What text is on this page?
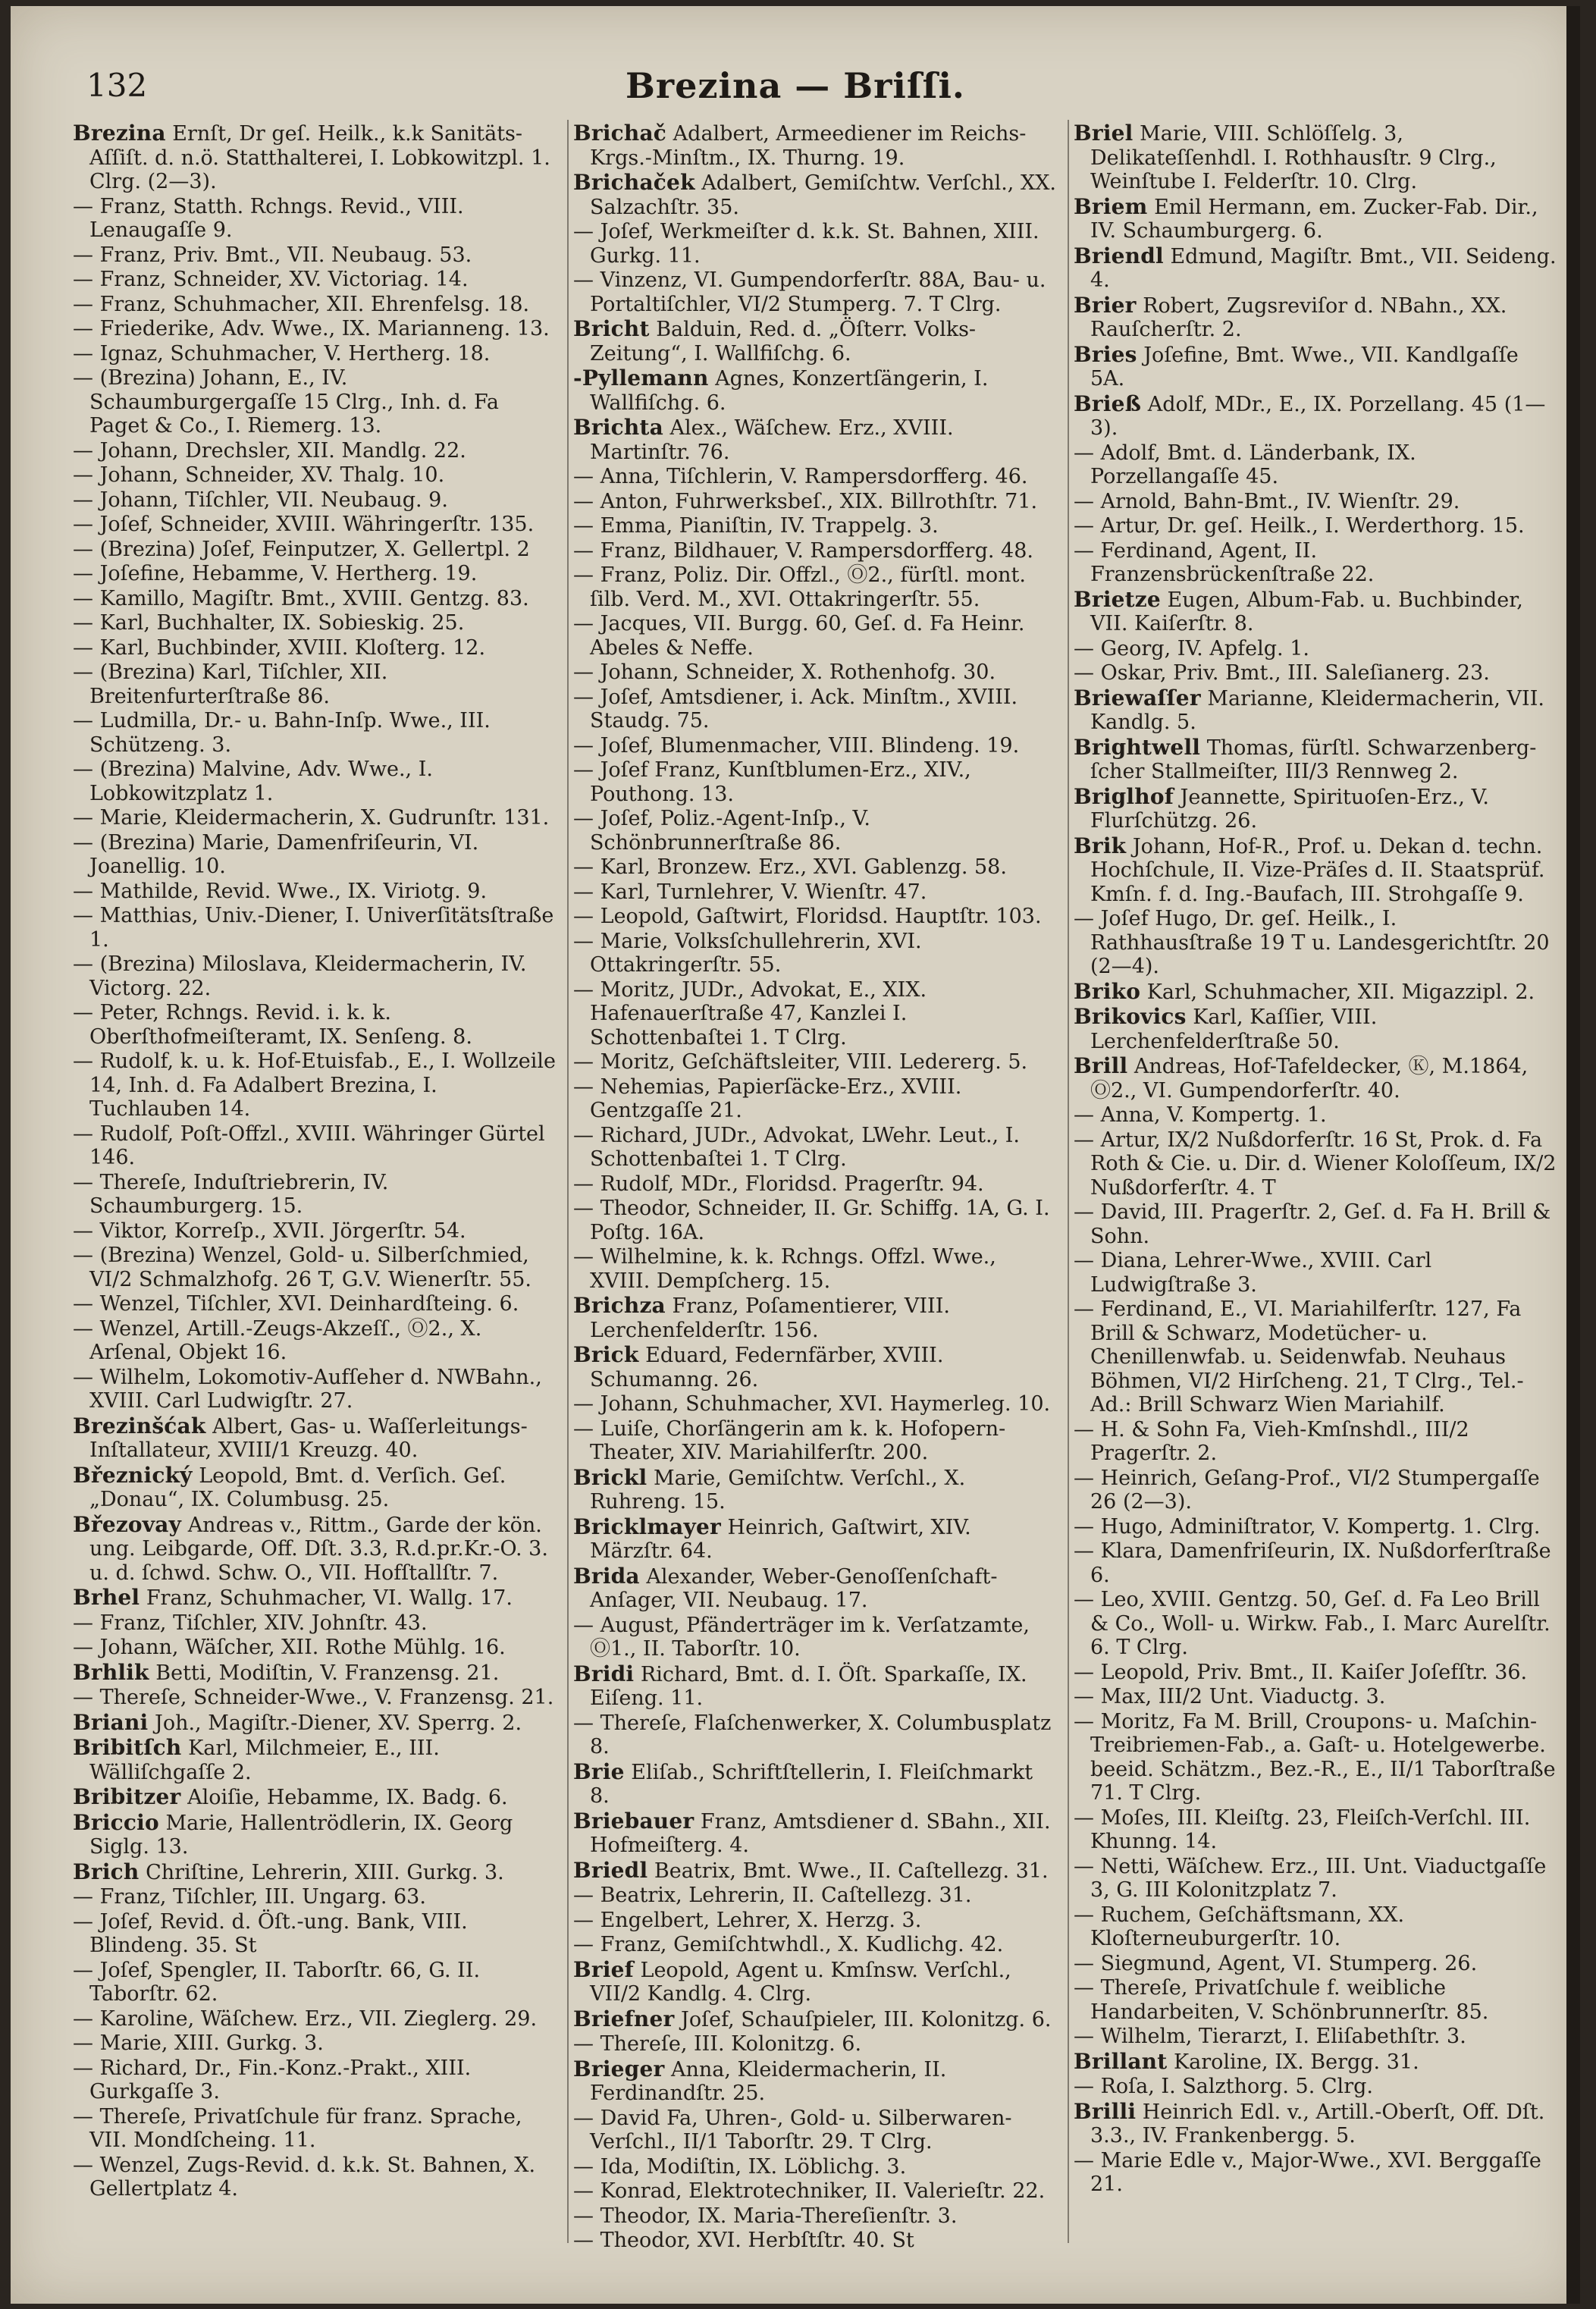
132	Brezina — Briſſi.
Brezina Ernſt, Dr geſ. Heilk., k.k Sanitäts-Aſſiſt. d. n.ö. Statthalterei, I. Lobkowitzpl. 1. Clrg. (2—3).
— Franz, Statth. Rchngs. Revid., VIII. Lenaugaſſe 9.
— Franz, Priv. Bmt., VII. Neubaug. 53.
— Franz, Schneider, XV. Victoriag. 14.
— Franz, Schuhmacher, XII. Ehrenfelsg. 18.
— Friederike, Adv. Wwe., IX. Marianneng. 13.
— Ignaz, Schuhmacher, V. Hertherg. 18.
— (Brezina) Johann, E., IV. Schaumburgergaſſe 15 Clrg., Inh. d. Fa Paget & Co., I. Riemerg. 13.
— Johann, Drechsler, XII. Mandlg. 22.
— Johann, Schneider, XV. Thalg. 10.
— Johann, Tiſchler, VII. Neubaug. 9.
— Joſef, Schneider, XVIII. Währingerſtr. 135.
— (Brezina) Joſef, Feinputzer, X. Gellertpl. 2
— Joſefine, Hebamme, V. Hertherg. 19.
— Kamillo, Magiſtr. Bmt., XVIII. Gentzg. 83.
— Karl, Buchhalter, IX. Sobieskig. 25.
— Karl, Buchbinder, XVIII. Kloſterg. 12.
— (Brezina) Karl, Tiſchler, XII. Breitenfurterſtraße 86.
— Ludmilla, Dr.- u. Bahn-Inſp. Wwe., III. Schützeng. 3.
— (Brezina) Malvine, Adv. Wwe., I. Lobkowitzplatz 1.
— Marie, Kleidermacherin, X. Gudrunſtr. 131.
— (Brezina) Marie, Damenfriſeurin, VI. Joanellig. 10.
— Mathilde, Revid. Wwe., IX. Viriotg. 9.
— Matthias, Univ.-Diener, I. Univerſitätsſtraße 1.
— (Brezina) Miloslava, Kleidermacherin, IV. Victorg. 22.
— Peter, Rchngs. Revid. i. k. k. Oberſthofmeiſteramt, IX. Senſeng. 8.
— Rudolf, k. u. k. Hof-Etuisfab., E., I. Wollzeile 14, Inh. d. Fa Adalbert Brezina, I. Tuchlauben 14.
— Rudolf, Poſt-Offzl., XVIII. Währinger Gürtel 146.
— Thereſe, Induſtriebrerin, IV. Schaumburgerg. 15.
— Viktor, Korreſp., XVII. Jörgerſtr. 54.
— (Brezina) Wenzel, Gold- u. Silberſchmied, VI/2 Schmalzhofg. 26 T, G.V. Wienerſtr. 55.
— Wenzel, Tiſchler, XVI. Deinhardſteing. 6.
— Wenzel, Artill.-Zeugs-Akzeſſ., Ⓞ2., X. Arſenal, Objekt 16.
— Wilhelm, Lokomotiv-Aufſeher d. NWBahn., XVIII. Carl Ludwigſtr. 27.
Brezinšćak Albert, Gas- u. Waſſerleitungs-Inſtallateur, XVIII/1 Kreuzg. 40.
Březnický Leopold, Bmt. d. Verſich. Geſ. „Donau“, IX. Columbusg. 25.
Březovay Andreas v., Rittm., Garde der kön. ung. Leibgarde, Off. Dſt. 3.3, R.d.pr.Kr.-O. 3. u. d. ſchwd. Schw. O., VII. Hofſtallſtr. 7.
Brhel Franz, Schuhmacher, VI. Wallg. 17.
— Franz, Tiſchler, XIV. Johnſtr. 43.
— Johann, Wäſcher, XII. Rothe Mühlg. 16.
Brhlik Betti, Modiſtin, V. Franzensg. 21.
— Thereſe, Schneider-Wwe., V. Franzensg. 21.
Briani Joh., Magiſtr.-Diener, XV. Sperrg. 2.
Bribitſch Karl, Milchmeier, E., III. Wälliſchgaſſe 2.
Bribitzer Aloiſie, Hebamme, IX. Badg. 6.
Briccio Marie, Hallentrödlerin, IX. Georg Siglg. 13.
Brich Chriſtine, Lehrerin, XIII. Gurkg. 3.
— Franz, Tiſchler, III. Ungarg. 63.
— Joſef, Revid. d. Öſt.-ung. Bank, VIII. Blindeng. 35. St
— Joſef, Spengler, II. Taborſtr. 66, G. II. Taborſtr. 62.
— Karoline, Wäſchew. Erz., VII. Zieglerg. 29.
— Marie, XIII. Gurkg. 3.
— Richard, Dr., Fin.-Konz.-Prakt., XIII. Gurkgaſſe 3.
— Thereſe, Privatſchule für franz. Sprache, VII. Mondſcheing. 11.
— Wenzel, Zugs-Revid. d. k.k. St. Bahnen, X. Gellertplatz 4.
Brichač Adalbert, Armeediener im Reichs-Krgs.-Minſtm., IX. Thurng. 19.
Brichaček Adalbert, Gemiſchtw. Verſchl., XX. Salzachſtr. 35.
— Joſef, Werkmeiſter d. k.k. St. Bahnen, XIII. Gurkg. 11.
— Vinzenz, VI. Gumpendorferſtr. 88A, Bau- u. Portaltiſchler, VI/2 Stumperg. 7. T Clrg.
Bricht Balduin, Red. d. „Öſterr. Volks-Zeitung“, I. Wallfiſchg. 6.
-Pyllemann Agnes, Konzertſängerin, I. Wallfiſchg. 6.
Brichta Alex., Wäſchew. Erz., XVIII. Martinſtr. 76.
— Anna, Tiſchlerin, V. Rampersdorfferg. 46.
— Anton, Fuhrwerksbeſ., XIX. Billrothſtr. 71.
— Emma, Pianiſtin, IV. Trappelg. 3.
— Franz, Bildhauer, V. Rampersdorfferg. 48.
— Franz, Poliz. Dir. Offzl., Ⓞ2., fürſtl. mont. ſilb. Verd. M., XVI. Ottakringerſtr. 55.
— Jacques, VII. Burgg. 60, Geſ. d. Fa Heinr. Abeles & Neffe.
— Johann, Schneider, X. Rothenhofg. 30.
— Joſef, Amtsdiener, i. Ack. Minſtm., XVIII. Staudg. 75.
— Joſef, Blumenmacher, VIII. Blindeng. 19.
— Joſef Franz, Kunſtblumen-Erz., XIV., Pouthong. 13.
— Joſef, Poliz.-Agent-Inſp., V. Schönbrunnerſtraße 86.
— Karl, Bronzew. Erz., XVI. Gablenzg. 58.
— Karl, Turnlehrer, V. Wienſtr. 47.
— Leopold, Gaſtwirt, Floridsd. Hauptſtr. 103.
— Marie, Volksſchullehrerin, XVI. Ottakringerſtr. 55.
— Moritz, JUDr., Advokat, E., XIX. Hafenauerſtraße 47, Kanzlei I. Schottenbaſtei 1. T Clrg.
— Moritz, Geſchäftsleiter, VIII. Ledererg. 5.
— Nehemias, Papierſäcke-Erz., XVIII. Gentzgaſſe 21.
— Richard, JUDr., Advokat, LWehr. Leut., I. Schottenbaſtei 1. T Clrg.
— Rudolf, MDr., Floridsd. Pragerſtr. 94.
— Theodor, Schneider, II. Gr. Schiffg. 1A, G. I. Poſtg. 16A.
— Wilhelmine, k. k. Rchngs. Offzl. Wwe., XVIII. Dempſcherg. 15.
Brichza Franz, Poſamentierer, VIII. Lerchenfelderſtr. 156.
Brick Eduard, Federnfärber, XVIII. Schumanng. 26.
— Johann, Schuhmacher, XVI. Haymerleg. 10.
— Luiſe, Chorſängerin am k. k. Hofopern-Theater, XIV. Mariahilferſtr. 200.
Brickl Marie, Gemiſchtw. Verſchl., X. Ruhreng. 15.
Bricklmayer Heinrich, Gaſtwirt, XIV. Märzſtr. 64.
Brida Alexander, Weber-Genoſſenſchaft-Anſager, VII. Neubaug. 17.
— August, Pfänderträger im k. Verſatzamte, Ⓞ1., II. Taborſtr. 10.
Bridi Richard, Bmt. d. I. Öſt. Sparkaſſe, IX. Eiſeng. 11.
— Thereſe, Flaſchenwerker, X. Columbusplatz 8.
Brie Eliſab., Schriftſtellerin, I. Fleiſchmarkt 8.
Briebauer Franz, Amtsdiener d. SBahn., XII. Hofmeiſterg. 4.
Briedl Beatrix, Bmt. Wwe., II. Caſtellezg. 31.
— Beatrix, Lehrerin, II. Caſtellezg. 31.
— Engelbert, Lehrer, X. Herzg. 3.
— Franz, Gemiſchtwhdl., X. Kudlichg. 42.
Brief Leopold, Agent u. Kmſnsw. Verſchl., VII/2 Kandlg. 4. Clrg.
Briefner Joſef, Schauſpieler, III. Kolonitzg. 6.
— Thereſe, III. Kolonitzg. 6.
Brieger Anna, Kleidermacherin, II. Ferdinandſtr. 25.
— David Fa, Uhren-, Gold- u. Silberwaren-Verſchl., II/1 Taborſtr. 29. T Clrg.
— Ida, Modiſtin, IX. Löblichg. 3.
— Konrad, Elektrotechniker, II. Valerieſtr. 22.
— Theodor, IX. Maria-Thereſienſtr. 3.
— Theodor, XVI. Herbſtſtr. 40. St
Briel Marie, VIII. Schlöſſelg. 3, Delikateſſenhdl. I. Rothhausſtr. 9 Clrg., Weinſtube I. Felderſtr. 10. Clrg.
Briem Emil Hermann, em. Zucker-Fab. Dir., IV. Schaumburgerg. 6.
Briendl Edmund, Magiſtr. Bmt., VII. Seideng. 4.
Brier Robert, Zugsreviſor d. NBahn., XX. Rauſcherſtr. 2.
Bries Joſefine, Bmt. Wwe., VII. Kandlgaſſe 5A.
Brieß Adolf, MDr., E., IX. Porzellang. 45 (1—3).
— Adolf, Bmt. d. Länderbank, IX. Porzellangaſſe 45.
— Arnold, Bahn-Bmt., IV. Wienſtr. 29.
— Artur, Dr. geſ. Heilk., I. Werderthorg. 15.
— Ferdinand, Agent, II. Franzensbrückenſtraße 22.
Brietze Eugen, Album-Fab. u. Buchbinder, VII. Kaiſerſtr. 8.
— Georg, IV. Apfelg. 1.
— Oskar, Priv. Bmt., III. Saleſianerg. 23.
Briewaſſer Marianne, Kleidermacherin, VII. Kandlg. 5.
Brightwell Thomas, fürſtl. Schwarzenberg-ſcher Stallmeiſter, III/3 Rennweg 2.
Briglhof Jeannette, Spirituoſen-Erz., V. Flurſchützg. 26.
Brik Johann, Hof-R., Prof. u. Dekan d. techn. Hochſchule, II. Vize-Präſes d. II. Staatsprüf. Kmſn. f. d. Ing.-Baufach, III. Strohgaſſe 9.
— Joſef Hugo, Dr. geſ. Heilk., I. Rathhausſtraße 19 T u. Landesgerichtſtr. 20 (2—4).
Briko Karl, Schuhmacher, XII. Migazzipl. 2.
Brikovics Karl, Kaſſier, VIII. Lerchenfelderſtraße 50.
Brill Andreas, Hof-Tafeldecker, Ⓚ, M.1864, Ⓞ2., VI. Gumpendorferſtr. 40.
— Anna, V. Kompertg. 1.
— Artur, IX/2 Nußdorferſtr. 16 St, Prok. d. Fa Roth & Cie. u. Dir. d. Wiener Koloſſeum, IX/2 Nußdorferſtr. 4. T
— David, III. Pragerſtr. 2, Geſ. d. Fa H. Brill & Sohn.
— Diana, Lehrer-Wwe., XVIII. Carl Ludwigſtraße 3.
— Ferdinand, E., VI. Mariahilferſtr. 127, Fa Brill & Schwarz, Modetücher- u. Chenillenwfab. u. Seidenwfab. Neuhaus Böhmen, VI/2 Hirſcheng. 21, T Clrg., Tel.-Ad.: Brill Schwarz Wien Mariahilf.
— H. & Sohn Fa, Vieh-Kmſnshdl., III/2 Pragerſtr. 2.
— Heinrich, Geſang-Prof., VI/2 Stumpergaſſe 26 (2—3).
— Hugo, Adminiſtrator, V. Kompertg. 1. Clrg.
— Klara, Damenfriſeurin, IX. Nußdorferſtraße 6.
— Leo, XVIII. Gentzg. 50, Geſ. d. Fa Leo Brill & Co., Woll- u. Wirkw. Fab., I. Marc Aurelſtr. 6. T Clrg.
— Leopold, Priv. Bmt., II. Kaiſer Joſefſtr. 36.
— Max, III/2 Unt. Viaductg. 3.
— Moritz, Fa M. Brill, Croupons- u. Maſchin-Treibriemen-Fab., a. Gaſt- u. Hotelgewerbe. beeid. Schätzm., Bez.-R., E., II/1 Taborſtraße 71. T Clrg.
— Moſes, III. Kleiſtg. 23, Fleiſch-Verſchl. III. Khunng. 14.
— Netti, Wäſchew. Erz., III. Unt. Viaductgaſſe 3, G. III Kolonitzplatz 7.
— Ruchem, Geſchäftsmann, XX. Kloſterneuburgerſtr. 10.
— Siegmund, Agent, VI. Stumperg. 26.
— Thereſe, Privatſchule f. weibliche Handarbeiten, V. Schönbrunnerſtr. 85.
— Wilhelm, Tierarzt, I. Eliſabethſtr. 3.
Brillant Karoline, IX. Bergg. 31.
— Roſa, I. Salzthorg. 5. Clrg.
Brilli Heinrich Edl. v., Artill.-Oberſt, Off. Dſt. 3.3., IV. Frankenbergg. 5.
— Marie Edle v., Major-Wwe., XVI. Berggaſſe 21.
